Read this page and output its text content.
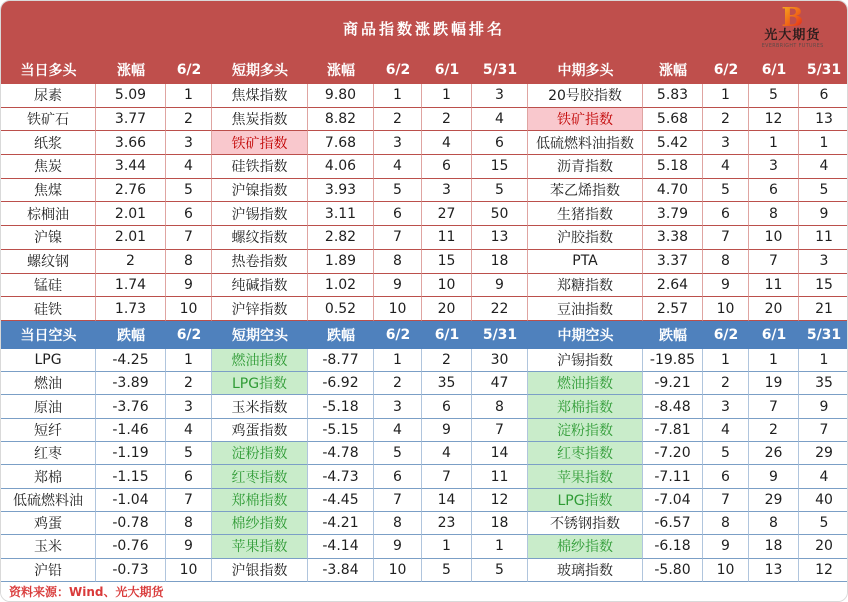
商品指数涨跌幅排名	B
光大期货
EVERBRIGHT FUTURES
当日多头	涨幅	6/2	短期多头	涨幅	6/2	6/1	5/31	中期多头	涨幅	6/2	6/1	5/31
尿素	5.09	1	焦煤指数	9.80	1	1	3	20号胶指数	5.83	1	5	6
铁矿石	3.77	2	焦炭指数	8.82	2	2	4	铁矿指数	5.68	2	12	13
纸浆	3.66	3	铁矿指数	7.68	3	4	6	低硫燃料油指数	5.42	3	1	1
焦炭	3.44	4	硅铁指数	4.06	4	6	15	沥青指数	5.18	4	3	4
焦煤	2.76	5	沪镍指数	3.93	5	3	5	苯乙烯指数	4.70	5	6	5
棕榈油	2.01	6	沪锡指数	3.11	6	27	50	生猪指数	3.79	6	8	9
沪镍	2.01	7	螺纹指数	2.82	7	11	13	沪胶指数	3.38	7	10	11
螺纹钢	2	8	热卷指数	1.89	8	15	18	PTA	3.37	8	7	3
锰硅	1.74	9	纯碱指数	1.02	9	10	9	郑糖指数	2.64	9	11	15
硅铁	1.73	10	沪锌指数	0.52	10	20	22	豆油指数	2.57	10	20	21
当日空头	跌幅	6/2	短期空头	跌幅	6/2	6/1	5/31	中期空头	跌幅	6/2	6/1	5/31
LPG	-4.25	1	燃油指数	-8.77	1	2	30	沪锡指数	-19.85	1	1	1
燃油	-3.89	2	LPG指数	-6.92	2	35	47	燃油指数	-9.21	2	19	35
原油	-3.76	3	玉米指数	-5.18	3	6	8	郑棉指数	-8.48	3	7	9
短纤	-1.46	4	鸡蛋指数	-5.15	4	9	7	淀粉指数	-7.81	4	2	7
红枣	-1.19	5	淀粉指数	-4.78	5	4	14	红枣指数	-7.20	5	26	29
郑棉	-1.15	6	红枣指数	-4.73	6	7	11	苹果指数	-7.11	6	9	4
低硫燃料油	-1.04	7	郑棉指数	-4.45	7	14	12	LPG指数	-7.04	7	29	40
鸡蛋	-0.78	8	棉纱指数	-4.21	8	23	18	不锈钢指数	-6.57	8	8	5
玉米	-0.76	9	苹果指数	-4.14	9	1	1	棉纱指数	-6.18	9	18	20
沪铅	-0.73	10	沪银指数	-3.84	10	5	5	玻璃指数	-5.80	10	13	12
资料来源：Wind、光大期货
